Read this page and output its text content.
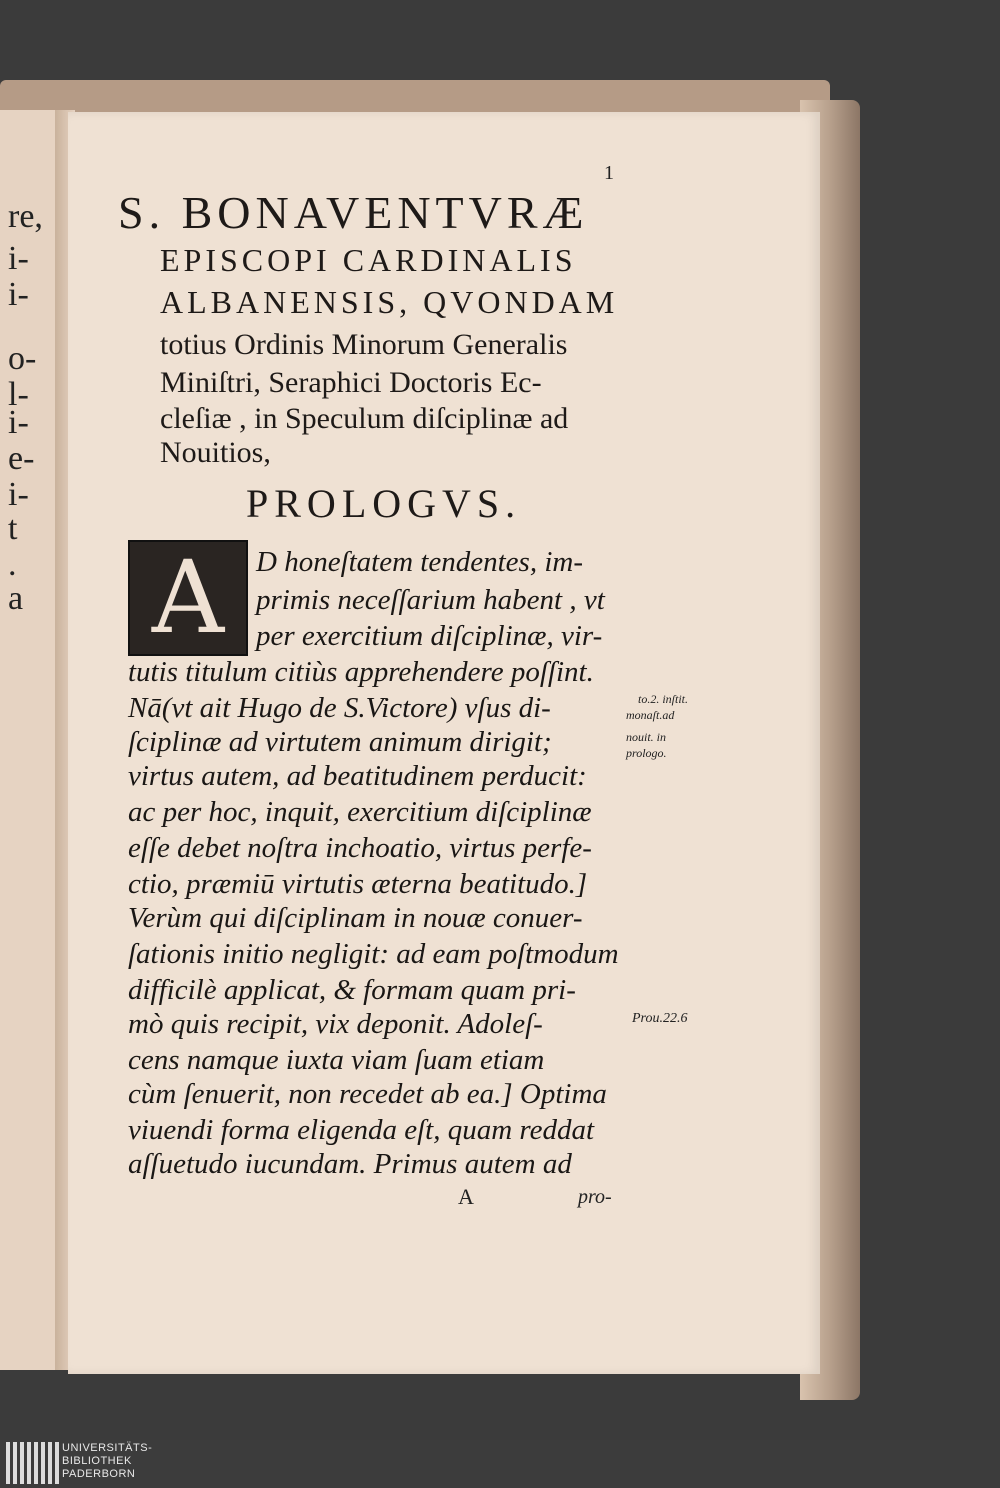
re,
i-
i-
o-
l-
i-
e-
i-
t
.
a
1
S. BONAVENTVRÆ
EPISCOPI CARDINALIS
ALBANENSIS, QVONDAM
totius Ordinis Minorum Generalis
Miniſtri, Seraphici Doctoris Ec-
cleſiæ , in Speculum diſciplinæ ad
Nouitios,
PROLOGVS.
A	D honeſtatem tendentes, im-
primis neceſſarium habent , vt
per exercitium diſciplinæ, vir-
tutis titulum citiùs apprehendere poſſint.
Nā(vt ait Hugo de S.Victore) vſus di-
ſciplinæ ad virtutem animum dirigit;
virtus autem, ad beatitudinem perducit:
ac per hoc, inquit, exercitium diſciplinæ
eſſe debet noſtra inchoatio, virtus perfe-
ctio, præmiū virtutis æterna beatitudo.]
Verùm qui diſciplinam in nouæ conuer-
ſationis initio negligit: ad eam poſtmodum
difficilè applicat, & formam quam pri-
mò quis recipit, vix deponit. Adoleſ-
cens namque iuxta viam ſuam etiam
cùm ſenuerit, non recedet ab ea.] Optima
viuendi forma eligenda eſt, quam reddat
aſſuetudo iucundam. Primus autem ad
to.2. inſtit.
monaſt.ad
nouit. in
prologo.
Prou.22.6
A	pro-
UNIVERSITÄTS-
BIBLIOTHEK
PADERBORN
